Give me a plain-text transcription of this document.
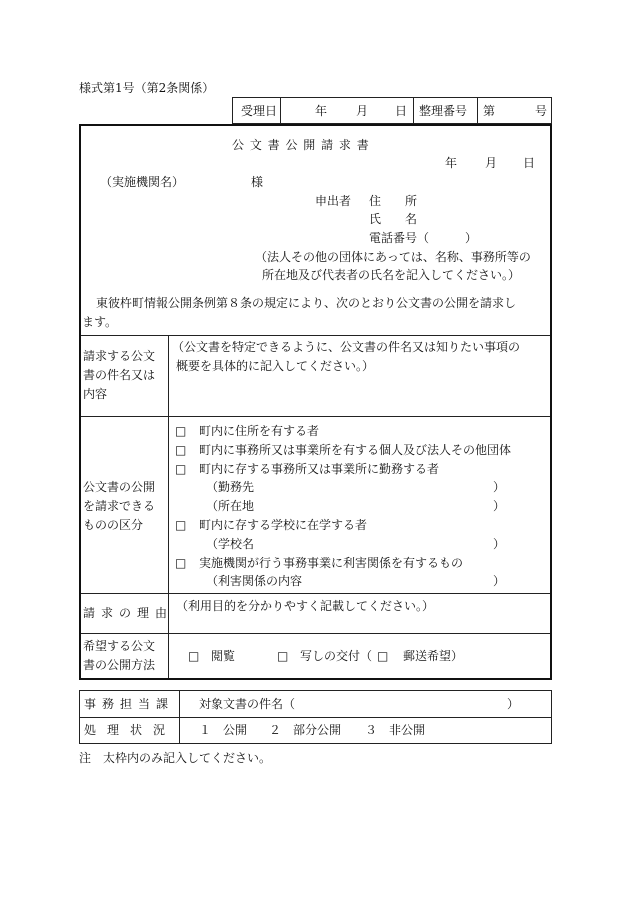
様式第1号（第2条関係）
受理日	年 月 日 整理番号 第	号
公 文 書 公 開 請 求 書
年 月 日
（実施機関名）	様
申出者 住　　所
氏　　名
電話番号（　　　）
（法人その他の団体にあっては、名称、事務所等の
所在地及び代表者の氏名を記入してください。）
東彼杵町情報公開条例第８条の規定により、次のとおり公文書の公開を請求し
ます。
請求する公文
書の件名又は
内容
（公文書を特定できるように、公文書の件名又は知りたい事項の
概要を具体的に記入してください。）
公文書の公開
を請求できる
ものの区分
□ 町内に住所を有する者
□ 町内に事務所又は事業所を有する個人及び法人その他団体
□ 町内に存する事務所又は事業所に勤務する者
（勤務先	）
（所在地	）
□ 町内に存する学校に在学する者
（学校名	）
□ 実施機関が行う事務事業に利害関係を有するもの
（利害関係の内容	）
請求の理由 （利用目的を分かりやすく記載してください。）
希望する公文
書の公開方法
□ 閲覧	□ 写しの交付（ □ 郵送希望）
事務担当課 対象文書の件名（	）
処理状況 １　公開 ２　部分公開 ３　非公開
注　太枠内のみ記入してください。
